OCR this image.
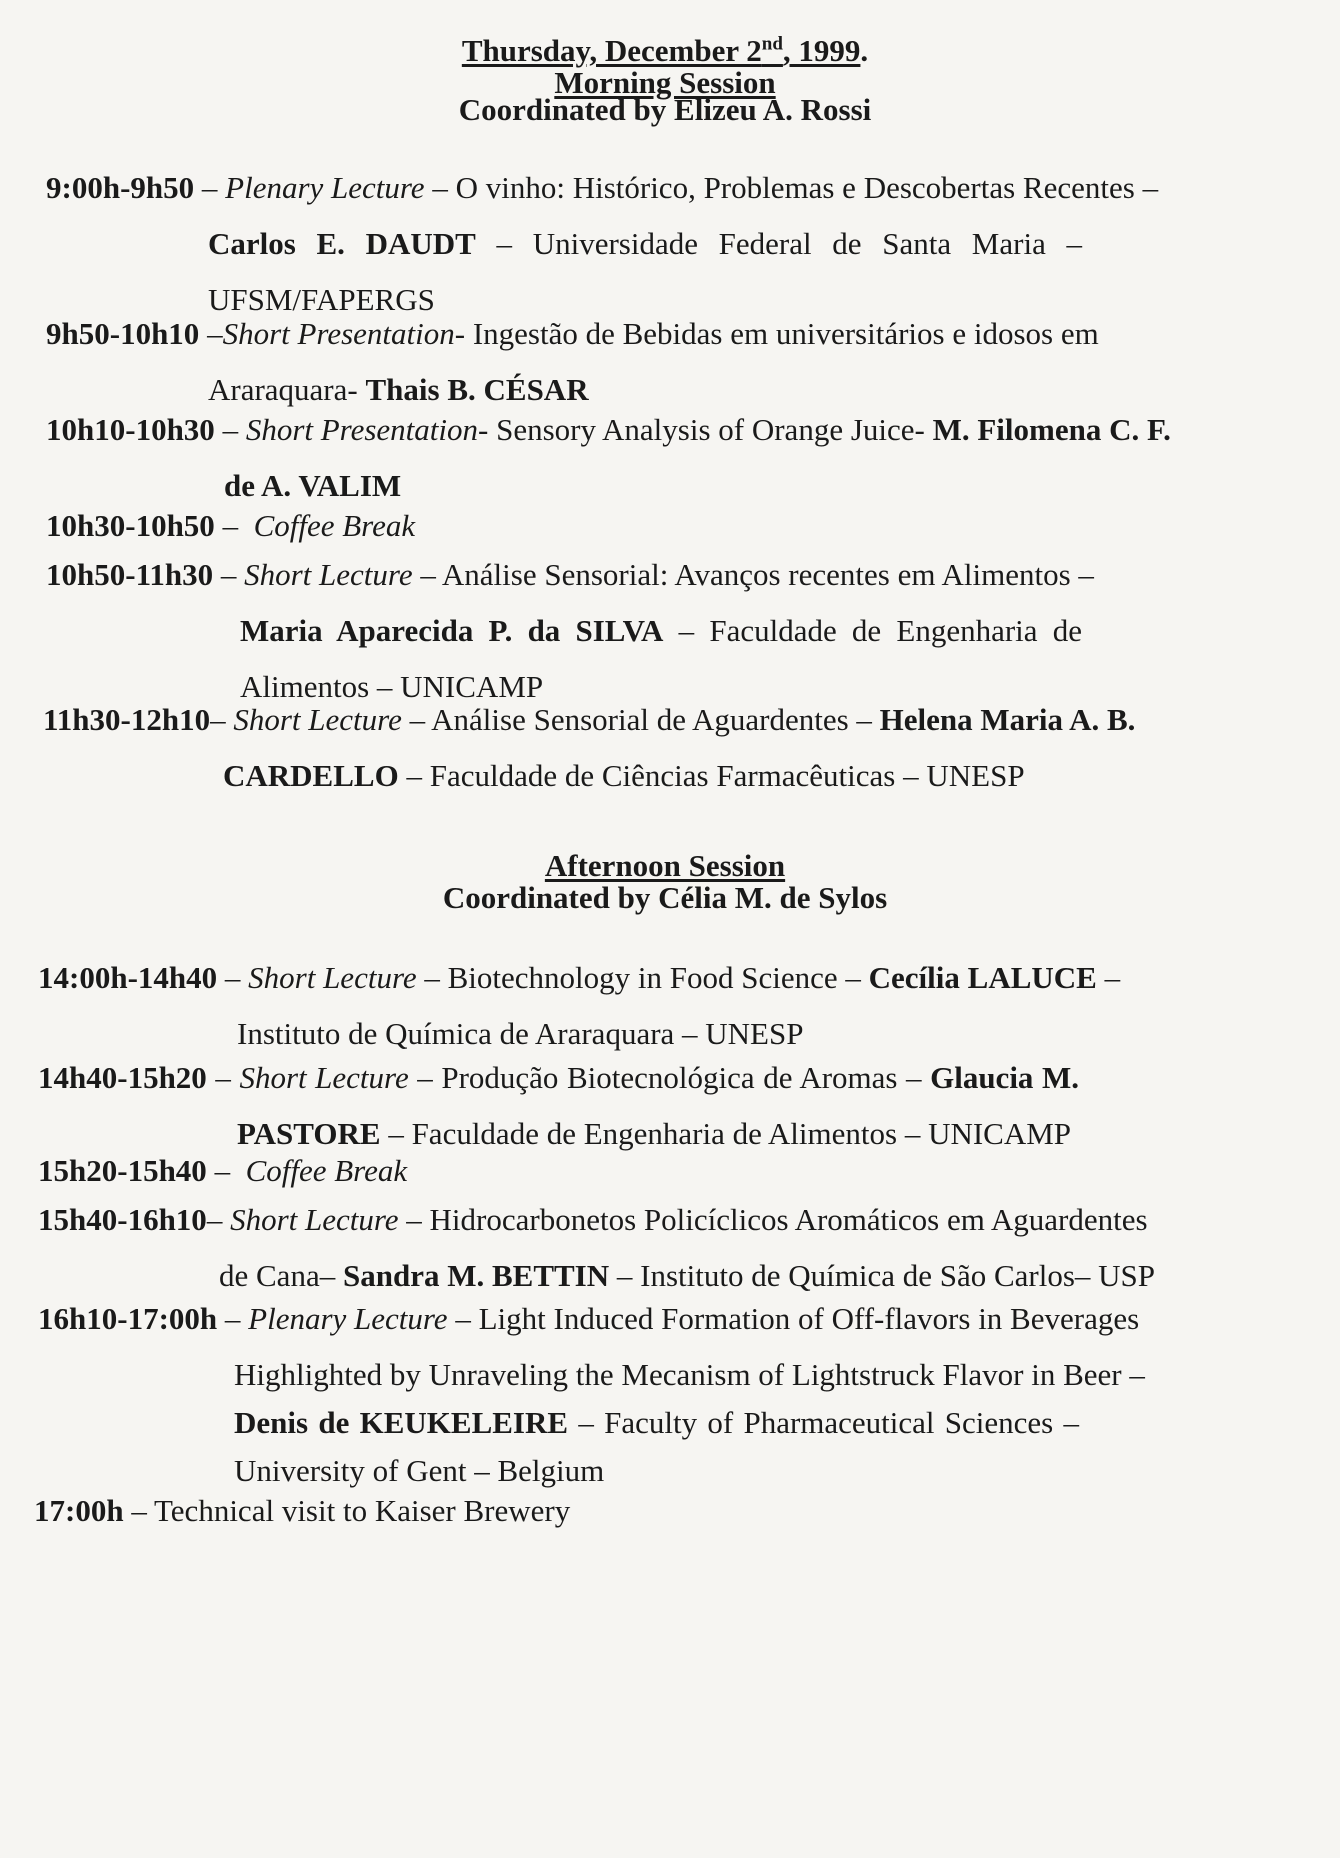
Thursday, December 2nd, 1999.
Morning Session
Coordinated by Elizeu A. Rossi
9:00h-9h50 – Plenary Lecture – O vinho: Histórico, Problemas e Descobertas Recentes –
Carlos E. DAUDT – Universidade Federal de Santa Maria –
UFSM/FAPERGS
9h50-10h10 –Short Presentation- Ingestão de Bebidas em universitários e idosos em
Araraquara- Thais B. CÉSAR
10h10-10h30 – Short Presentation- Sensory Analysis of Orange Juice- M. Filomena C. F.
de A. VALIM
10h30-10h50 – Coffee Break
10h50-11h30 – Short Lecture – Análise Sensorial: Avanços recentes em Alimentos –
Maria Aparecida P. da SILVA – Faculdade de Engenharia de
Alimentos – UNICAMP
11h30-12h10– Short Lecture – Análise Sensorial de Aguardentes – Helena Maria A. B.
CARDELLO – Faculdade de Ciências Farmacêuticas – UNESP
Afternoon Session
Coordinated by Célia M. de Sylos
14:00h-14h40 – Short Lecture – Biotechnology in Food Science – Cecília LALUCE –
Instituto de Química de Araraquara – UNESP
14h40-15h20 – Short Lecture – Produção Biotecnológica de Aromas – Glaucia M.
PASTORE – Faculdade de Engenharia de Alimentos – UNICAMP
15h20-15h40 – Coffee Break
15h40-16h10– Short Lecture – Hidrocarbonetos Policíclicos Aromáticos em Aguardentes
de Cana– Sandra M. BETTIN – Instituto de Química de São Carlos– USP
16h10-17:00h – Plenary Lecture – Light Induced Formation of Off-flavors in Beverages
Highlighted by Unraveling the Mecanism of Lightstruck Flavor in Beer –
Denis de KEUKELEIRE – Faculty of Pharmaceutical Sciences –
University of Gent – Belgium
17:00h – Technical visit to Kaiser Brewery
